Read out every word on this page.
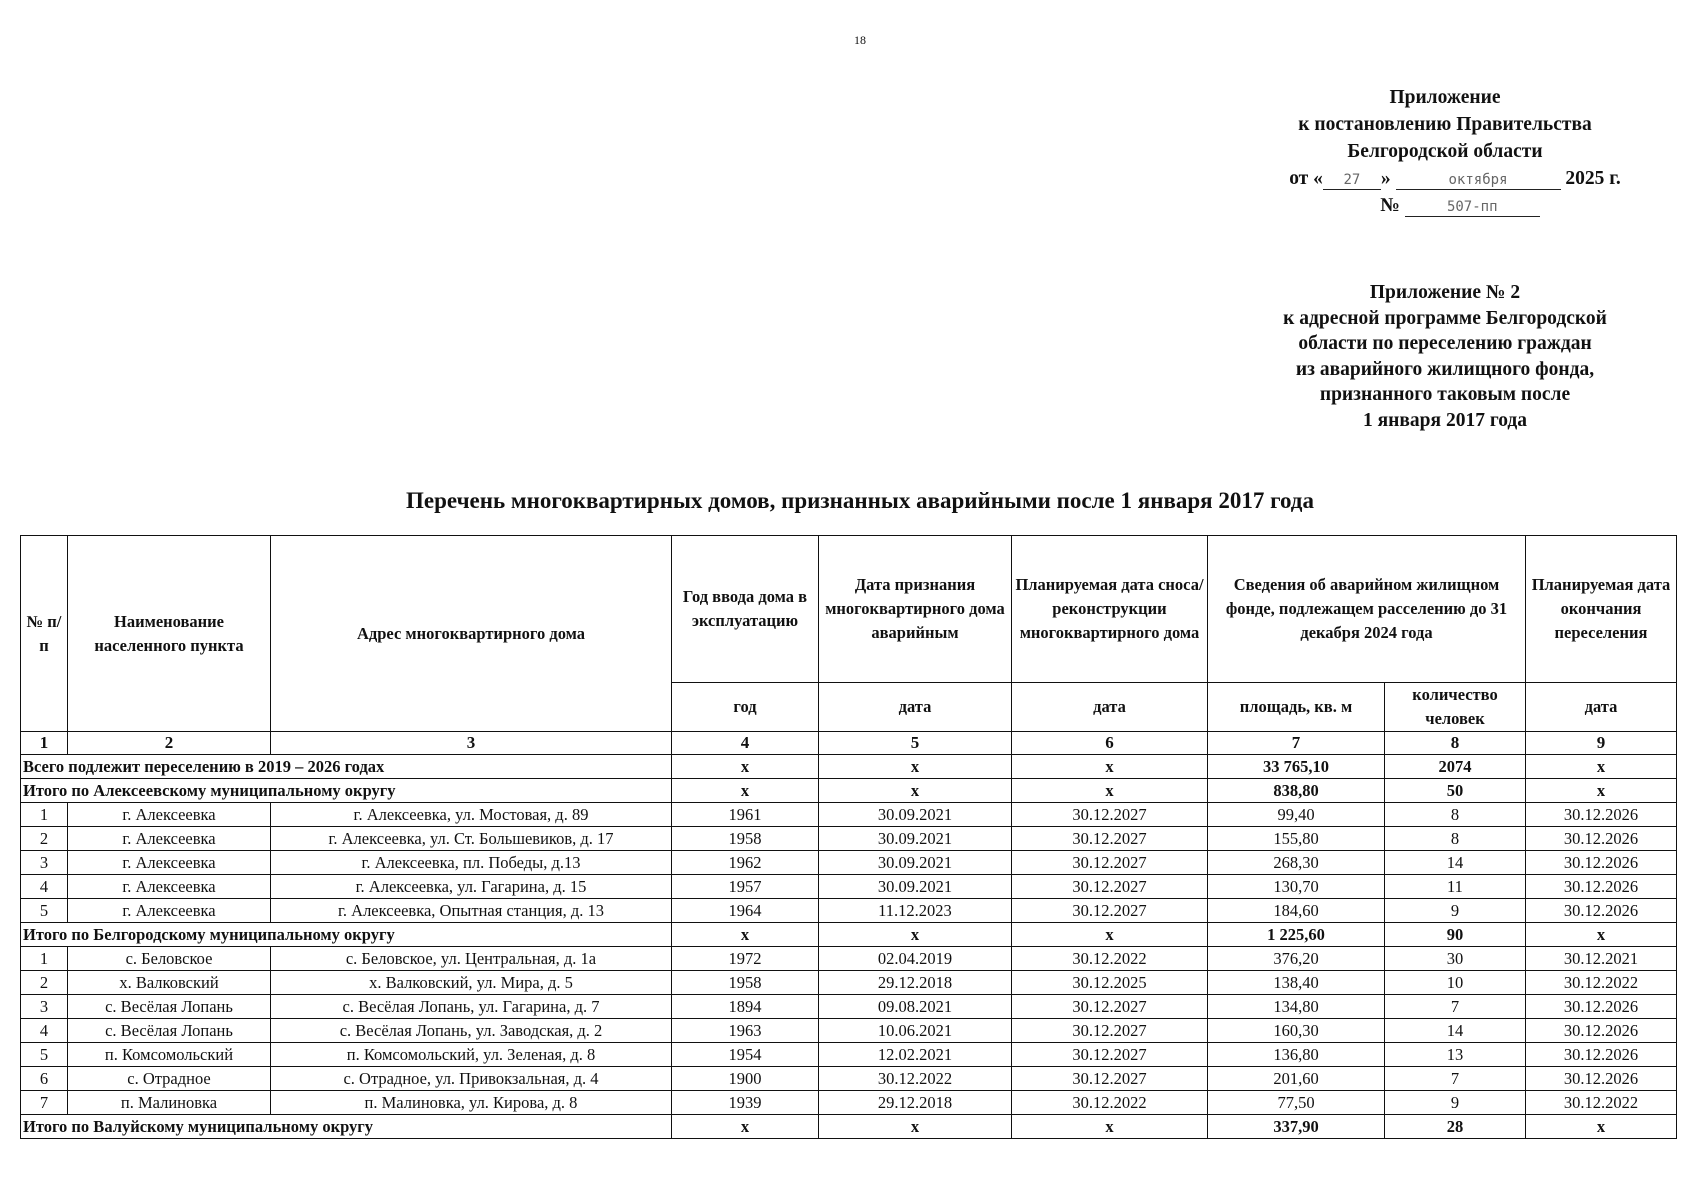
18
Приложение
к постановлению Правительства
Белгородской области
от « 27 »	октября	2025 г.
№	507-пп
Приложение № 2
к адресной программе Белгородской
области по переселению граждан
из аварийного жилищного фонда,
признанного таковым после
1 января 2017 года
Перечень многоквартирных домов, признанных аварийными после 1 января 2017 года
№ п/п	Наименование населенного пункта	Адрес многоквартирного дома	Год ввода дома в эксплуатацию	Дата признания многоквартирного дома аварийным	Планируемая дата сноса/ реконструкции многоквартирного дома	Сведения об аварийном жилищном фонде, подлежащем расселению до 31 декабря 2024 года		Планируемая дата окончания переселения
			год	дата	дата	площадь, кв. м	количество человек	дата
1	2	3	4	5	6	7	8	9
Всего подлежит переселению в 2019 – 2026 годах			x	x	x	33 765,10	2074	x
Итого по Алексеевскому муниципальному округу			x	x	x	838,80	50	x
1	г. Алексеевка	г. Алексеевка, ул. Мостовая, д. 89	1961	30.09.2021	30.12.2027	99,40	8	30.12.2026
2	г. Алексеевка	г. Алексеевка, ул. Ст. Большевиков, д. 17	1958	30.09.2021	30.12.2027	155,80	8	30.12.2026
3	г. Алексеевка	г. Алексеевка, пл. Победы, д.13	1962	30.09.2021	30.12.2027	268,30	14	30.12.2026
4	г. Алексеевка	г. Алексеевка, ул. Гагарина, д. 15	1957	30.09.2021	30.12.2027	130,70	11	30.12.2026
5	г. Алексеевка	г. Алексеевка, Опытная станция, д. 13	1964	11.12.2023	30.12.2027	184,60	9	30.12.2026
Итого по Белгородскому муниципальному округу			x	x	x	1 225,60	90	x
1	с. Беловское	с. Беловское, ул. Центральная, д. 1а	1972	02.04.2019	30.12.2022	376,20	30	30.12.2021
2	х. Валковский	х. Валковский, ул. Мира, д. 5	1958	29.12.2018	30.12.2025	138,40	10	30.12.2022
3	с. Весёлая Лопань	с. Весёлая Лопань, ул. Гагарина, д. 7	1894	09.08.2021	30.12.2027	134,80	7	30.12.2026
4	с. Весёлая Лопань	с. Весёлая Лопань, ул. Заводская, д. 2	1963	10.06.2021	30.12.2027	160,30	14	30.12.2026
5	п. Комсомольский	п. Комсомольский, ул. Зеленая, д. 8	1954	12.02.2021	30.12.2027	136,80	13	30.12.2026
6	с. Отрадное	с. Отрадное, ул. Привокзальная, д. 4	1900	30.12.2022	30.12.2027	201,60	7	30.12.2026
7	п. Малиновка	п. Малиновка, ул. Кирова, д. 8	1939	29.12.2018	30.12.2022	77,50	9	30.12.2022
Итого по Валуйскому муниципальному округу			x	x	x	337,90	28	x
